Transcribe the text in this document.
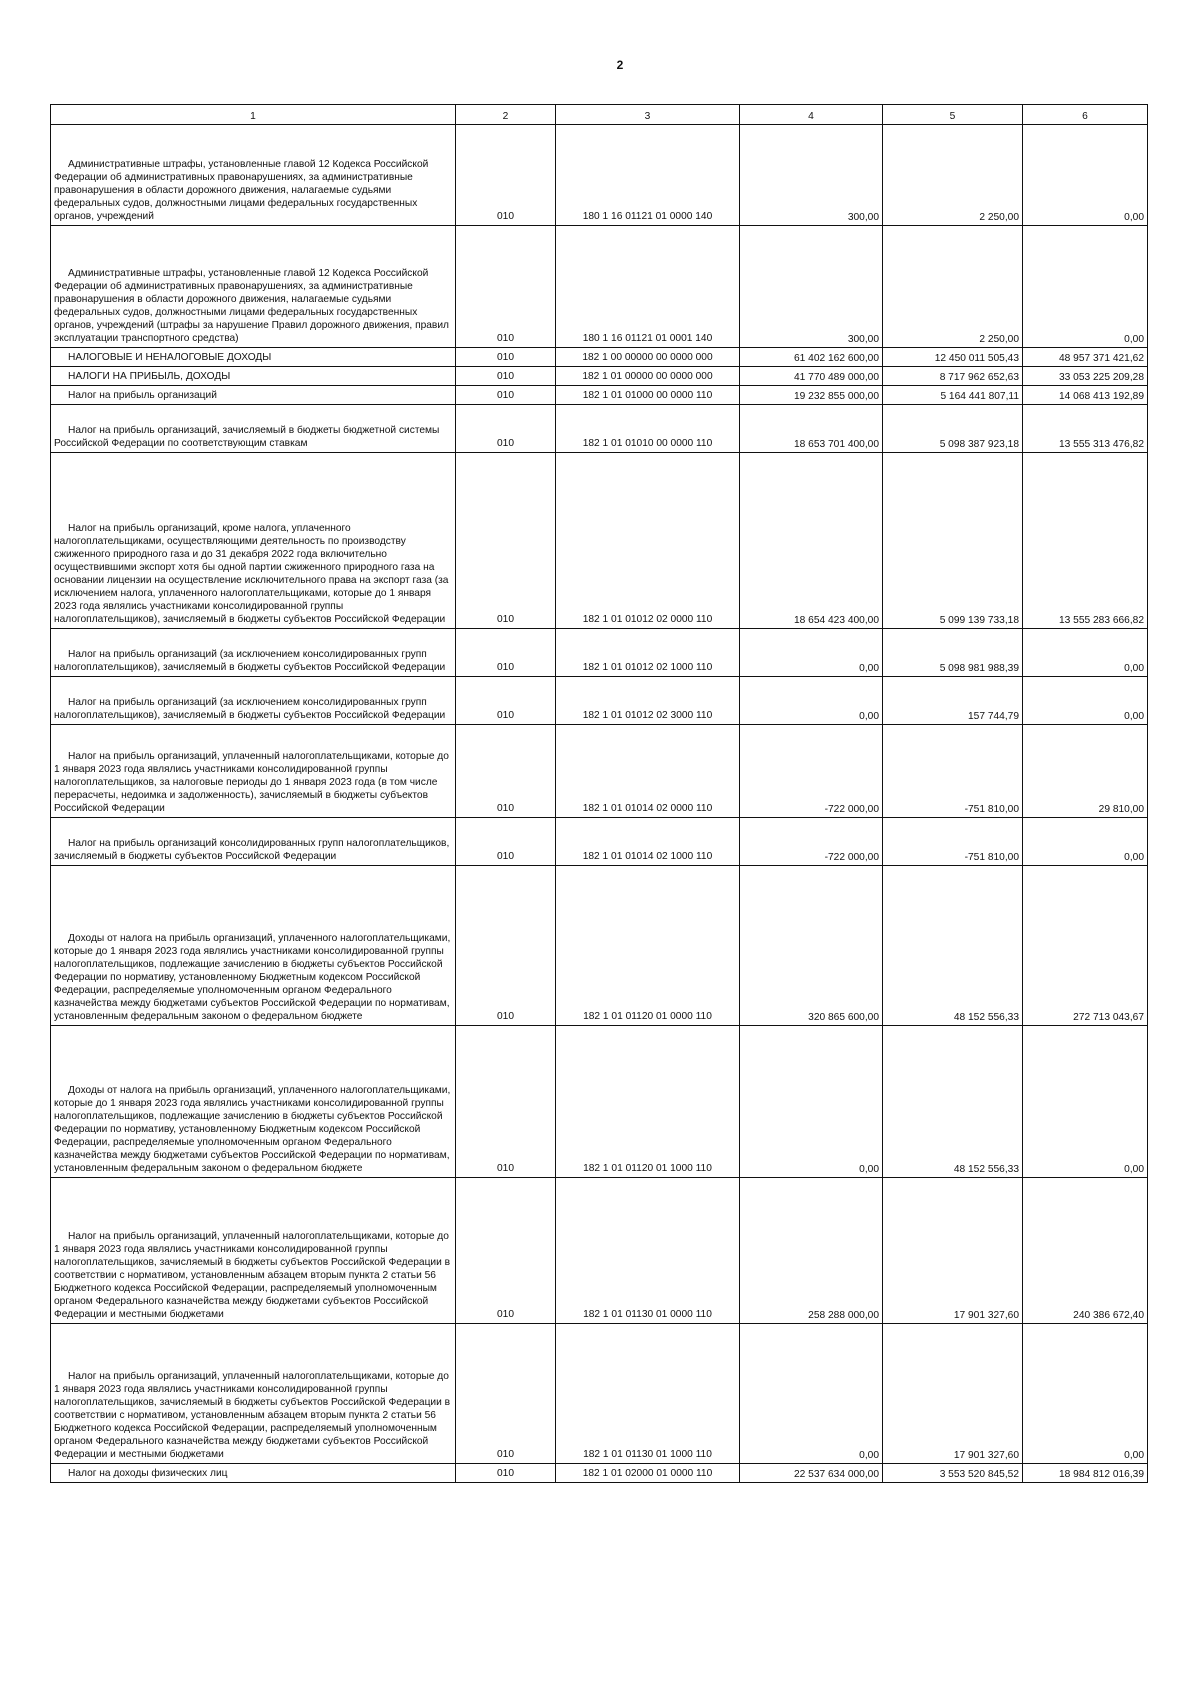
2
1	2	3	4	5	6
Административные штрафы, установленные главой 12 Кодекса Российской Федерации об административных правонарушениях, за административные правонарушения в области дорожного движения, налагаемые судьями федеральных судов, должностными лицами федеральных государственных органов, учреждений	010	180 1 16 01121 01 0000 140	300,00	2 250,00	0,00
Административные штрафы, установленные главой 12 Кодекса Российской Федерации об административных правонарушениях, за административные правонарушения в области дорожного движения, налагаемые судьями федеральных судов, должностными лицами федеральных государственных органов, учреждений (штрафы за нарушение Правил дорожного движения, правил эксплуатации транспортного средства)	010	180 1 16 01121 01 0001 140	300,00	2 250,00	0,00
НАЛОГОВЫЕ И НЕНАЛОГОВЫЕ ДОХОДЫ	010	182 1 00 00000 00 0000 000	61 402 162 600,00	12 450 011 505,43	48 957 371 421,62
НАЛОГИ НА ПРИБЫЛЬ, ДОХОДЫ	010	182 1 01 00000 00 0000 000	41 770 489 000,00	8 717 962 652,63	33 053 225 209,28
Налог на прибыль организаций	010	182 1 01 01000 00 0000 110	19 232 855 000,00	5 164 441 807,11	14 068 413 192,89
Налог на прибыль организаций, зачисляемый в бюджеты бюджетной системы Российской Федерации по соответствующим ставкам	010	182 1 01 01010 00 0000 110	18 653 701 400,00	5 098 387 923,18	13 555 313 476,82
Налог на прибыль организаций, кроме налога, уплаченного налогоплательщиками, осуществляющими деятельность по производству сжиженного природного газа и до 31 декабря 2022 года включительно осуществившими экспорт хотя бы одной партии сжиженного природного газа на основании лицензии на осуществление исключительного права на экспорт газа (за исключением налога, уплаченного налогоплательщиками, которые до 1 января 2023 года являлись участниками консолидированной группы налогоплательщиков), зачисляемый в бюджеты субъектов Российской Федерации	010	182 1 01 01012 02 0000 110	18 654 423 400,00	5 099 139 733,18	13 555 283 666,82
Налог на прибыль организаций (за исключением консолидированных групп налогоплательщиков), зачисляемый в бюджеты субъектов Российской Федерации	010	182 1 01 01012 02 1000 110	0,00	5 098 981 988,39	0,00
Налог на прибыль организаций (за исключением консолидированных групп налогоплательщиков), зачисляемый в бюджеты субъектов Российской Федерации	010	182 1 01 01012 02 3000 110	0,00	157 744,79	0,00
Налог на прибыль организаций, уплаченный налогоплательщиками, которые до 1 января 2023 года являлись участниками консолидированной группы налогоплательщиков, за налоговые периоды до 1 января 2023 года (в том числе перерасчеты, недоимка и задолженность), зачисляемый в бюджеты субъектов Российской Федерации	010	182 1 01 01014 02 0000 110	-722 000,00	-751 810,00	29 810,00
Налог на прибыль организаций консолидированных групп налогоплательщиков, зачисляемый в бюджеты субъектов Российской Федерации	010	182 1 01 01014 02 1000 110	-722 000,00	-751 810,00	0,00
Доходы от налога на прибыль организаций, уплаченного налогоплательщиками, которые до 1 января 2023 года являлись участниками консолидированной группы налогоплательщиков, подлежащие зачислению в бюджеты субъектов Российской Федерации по нормативу, установленному Бюджетным кодексом Российской Федерации, распределяемые уполномоченным органом Федерального казначейства между бюджетами субъектов Российской Федерации по нормативам, установленным федеральным законом о федеральном бюджете	010	182 1 01 01120 01 0000 110	320 865 600,00	48 152 556,33	272 713 043,67
Доходы от налога на прибыль организаций, уплаченного налогоплательщиками, которые до 1 января 2023 года являлись участниками консолидированной группы налогоплательщиков, подлежащие зачислению в бюджеты субъектов Российской Федерации по нормативу, установленному Бюджетным кодексом Российской Федерации, распределяемые уполномоченным органом Федерального казначейства между бюджетами субъектов Российской Федерации по нормативам, установленным федеральным законом о федеральном бюджете	010	182 1 01 01120 01 1000 110	0,00	48 152 556,33	0,00
Налог на прибыль организаций, уплаченный налогоплательщиками, которые до 1 января 2023 года являлись участниками консолидированной группы налогоплательщиков, зачисляемый в бюджеты субъектов Российской Федерации в соответствии с нормативом, установленным абзацем вторым пункта 2 статьи 56 Бюджетного кодекса Российской Федерации, распределяемый уполномоченным органом Федерального казначейства между бюджетами субъектов Российской Федерации и местными бюджетами	010	182 1 01 01130 01 0000 110	258 288 000,00	17 901 327,60	240 386 672,40
Налог на прибыль организаций, уплаченный налогоплательщиками, которые до 1 января 2023 года являлись участниками консолидированной группы налогоплательщиков, зачисляемый в бюджеты субъектов Российской Федерации в соответствии с нормативом, установленным абзацем вторым пункта 2 статьи 56 Бюджетного кодекса Российской Федерации, распределяемый уполномоченным органом Федерального казначейства между бюджетами субъектов Российской Федерации и местными бюджетами	010	182 1 01 01130 01 1000 110	0,00	17 901 327,60	0,00
Налог на доходы физических лиц	010	182 1 01 02000 01 0000 110	22 537 634 000,00	3 553 520 845,52	18 984 812 016,39
